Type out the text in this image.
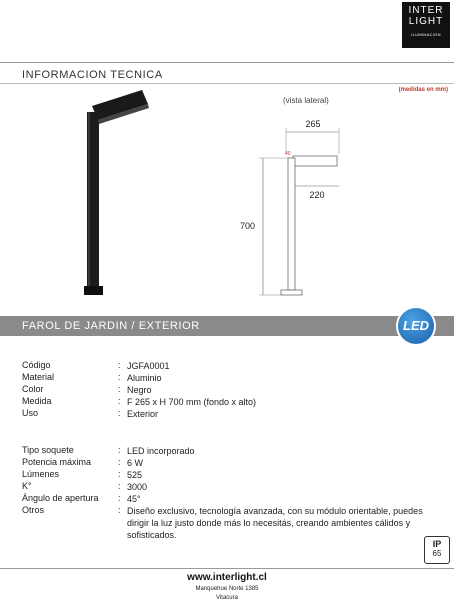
INTER
LIGHT
ILUMINACION
INFORMACION TECNICA
(medidas en mm)
(vista lateral)
265
40
220
700
FAROL DE JARDIN / EXTERIOR	LED
Código	: JGFA0001
Material	: Aluminio
Color	: Negro
Medida	: F 265 x H 700 mm (fondo x alto)
Uso	: Exterior
Tipo soquete	: LED incorporado
Potencia máxima	: 6 W
Lúmenes	: 525
K°	: 3000
Ángulo de apertura : 45°
Otros	: Diseño exclusivo, tecnología avanzada, con su módulo orientable, puedes dirigir la luz justo donde más lo necesitás, creando ambientes cálidos y sofisticados.
IP
65
www.interlight.cl
Manquehue Norte 1385
Vitacura
